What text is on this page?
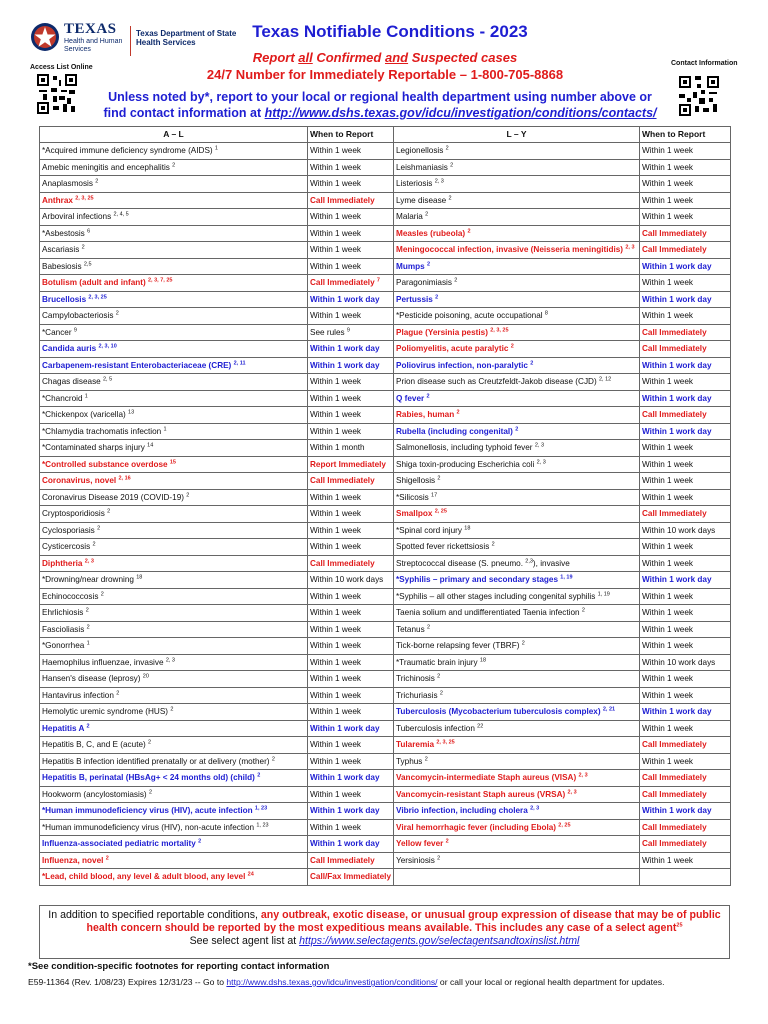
TEXAS
Health and Human Services
Texas Department of State Health Services
Access List Online
Contact Information
Texas Notifiable Conditions - 2023
Report all Confirmed and Suspected cases
24/7 Number for Immediately Reportable – 1-800-705-8868
Unless noted by*, report to your local or regional health department using number above or
find contact information at http://www.dshs.texas.gov/idcu/investigation/conditions/contacts/
A – L	When to Report	L – Y	When to Report
*Acquired immune deficiency syndrome (AIDS) $^1$	Within 1 week	Legionellosis $^2$	Within 1 week
Amebic meningitis and encephalitis $^2$	Within 1 week	Leishmaniasis $^2$	Within 1 week
Anaplasmosis $^2$	Within 1 week	Listeriosis $^{2, 3}$	Within 1 week
Anthrax $^{2, 3, 25}$	Call Immediately	Lyme disease $^2$	Within 1 week
Arboviral infections $^{2, 4, 5}$	Within 1 week	Malaria $^2$	Within 1 week
*Asbestosis $^6$	Within 1 week	Measles (rubeola) $^2$	Call Immediately
Ascariasis $^2$	Within 1 week	Meningococcal infection, invasive (Neisseria meningitidis) $^{2, 3}$	Call Immediately
Babesiosis $^{2,5}$	Within 1 week	Mumps $^2$	Within 1 work day
Botulism (adult and infant) $^{2, 3, 7, 25}$	Call Immediately $^7$	Paragonimiasis $^2$	Within 1 week
Brucellosis $^{2, 3, 25}$	Within 1 work day	Pertussis $^2$	Within 1 work day
Campylobacteriosis $^2$	Within 1 week	*Pesticide poisoning, acute occupational $^8$	Within 1 week
*Cancer $^9$	See rules $^9$	Plague (Yersinia pestis) $^{2, 3, 25}$	Call Immediately
Candida auris $^{2, 3, 10}$	Within 1 work day	Poliomyelitis, acute paralytic $^2$	Call Immediately
Carbapenem-resistant Enterobacteriaceae (CRE) $^{2, 11}$	Within 1 work day	Poliovirus infection, non-paralytic $^2$	Within 1 work day
Chagas disease $^{2, 5}$	Within 1 week	Prion disease such as Creutzfeldt-Jakob disease (CJD) $^{2, 12}$	Within 1 week
*Chancroid $^1$	Within 1 week	Q fever $^2$	Within 1 work day
*Chickenpox (varicella) $^{13}$	Within 1 week	Rabies, human $^2$	Call Immediately
*Chlamydia trachomatis infection $^1$	Within 1 week	Rubella (including congenital) $^2$	Within 1 work day
*Contaminated sharps injury $^{14}$	Within 1 month	Salmonellosis, including typhoid fever $^{2, 3}$	Within 1 week
*Controlled substance overdose $^{15}$	Report Immediately	Shiga toxin-producing Escherichia coli $^{2, 3}$	Within 1 week
Coronavirus, novel $^{2, 16}$	Call Immediately	Shigellosis $^2$	Within 1 week
Coronavirus Disease 2019 (COVID-19) $^2$	Within 1 week	*Silicosis $^{17}$	Within 1 week
Cryptosporidiosis $^2$	Within 1 week	Smallpox $^{2, 25}$	Call Immediately
Cyclosporiasis $^2$	Within 1 week	*Spinal cord injury $^{18}$	Within 10 work days
Cysticercosis $^2$	Within 1 week	Spotted fever rickettsiosis $^2$	Within 1 week
Diphtheria $^{2, 3}$	Call Immediately	Streptococcal disease (S. pneumo. $^{2,3}$), invasive	Within 1 week
*Drowning/near drowning $^{18}$	Within 10 work days	*Syphilis – primary and secondary stages $^{1, 19}$	Within 1 work day
Echinococcosis $^2$	Within 1 week	*Syphilis – all other stages including congenital syphilis $^{1, 19}$	Within 1 week
Ehrlichiosis $^2$	Within 1 week	Taenia solium and undifferentiated Taenia infection $^2$	Within 1 week
Fascioliasis $^2$	Within 1 week	Tetanus $^2$	Within 1 week
*Gonorrhea $^1$	Within 1 week	Tick-borne relapsing fever (TBRF) $^2$	Within 1 week
Haemophilus influenzae, invasive $^{2, 3}$	Within 1 week	*Traumatic brain injury $^{18}$	Within 10 work days
Hansen's disease (leprosy) $^{20}$	Within 1 week	Trichinosis $^2$	Within 1 week
Hantavirus infection $^2$	Within 1 week	Trichuriasis $^2$	Within 1 week
Hemolytic uremic syndrome (HUS) $^2$	Within 1 week	Tuberculosis (Mycobacterium tuberculosis complex) $^{2, 21}$	Within 1 work day
Hepatitis A $^2$	Within 1 work day	Tuberculosis infection $^{22}$	Within 1 week
Hepatitis B, C, and E (acute) $^2$	Within 1 week	Tularemia $^{2, 3, 25}$	Call Immediately
Hepatitis B infection identified prenatally or at delivery (mother) $^2$	Within 1 week	Typhus $^2$	Within 1 week
Hepatitis B, perinatal (HBsAg+ < 24 months old) (child) $^2$	Within 1 work day	Vancomycin-intermediate Staph aureus (VISA) $^{2, 3}$	Call Immediately
Hookworm (ancylostomiasis) $^2$	Within 1 week	Vancomycin-resistant Staph aureus (VRSA) $^{2, 3}$	Call Immediately
*Human immunodeficiency virus (HIV), acute infection $^{1, 23}$	Within 1 work day	Vibrio infection, including cholera $^{2, 3}$	Within 1 work day
*Human immunodeficiency virus (HIV), non-acute infection $^{1, 23}$	Within 1 week	Viral hemorrhagic fever (including Ebola) $^{2, 25}$	Call Immediately
Influenza-associated pediatric mortality $^2$	Within 1 work day	Yellow fever $^2$	Call Immediately
Influenza, novel $^2$	Call Immediately	Yersiniosis $^2$	Within 1 week
*Lead, child blood, any level & adult blood, any level $^{24}$	Call/Fax Immediately		
In addition to specified reportable conditions, any outbreak, exotic disease, or unusual group expression of disease that may be of public health concern should be reported by the most expeditious means available. This includes any case of a select agent$^{25}$
See select agent list at https://www.selectagents.gov/selectagentsandtoxinslist.html
*See condition-specific footnotes for reporting contact information
E59-11364 (Rev. 1/08/23) Expires 12/31/23 -- Go to http://www.dshs.texas.gov/idcu/investigation/conditions/ or call your local or regional health department for updates.
